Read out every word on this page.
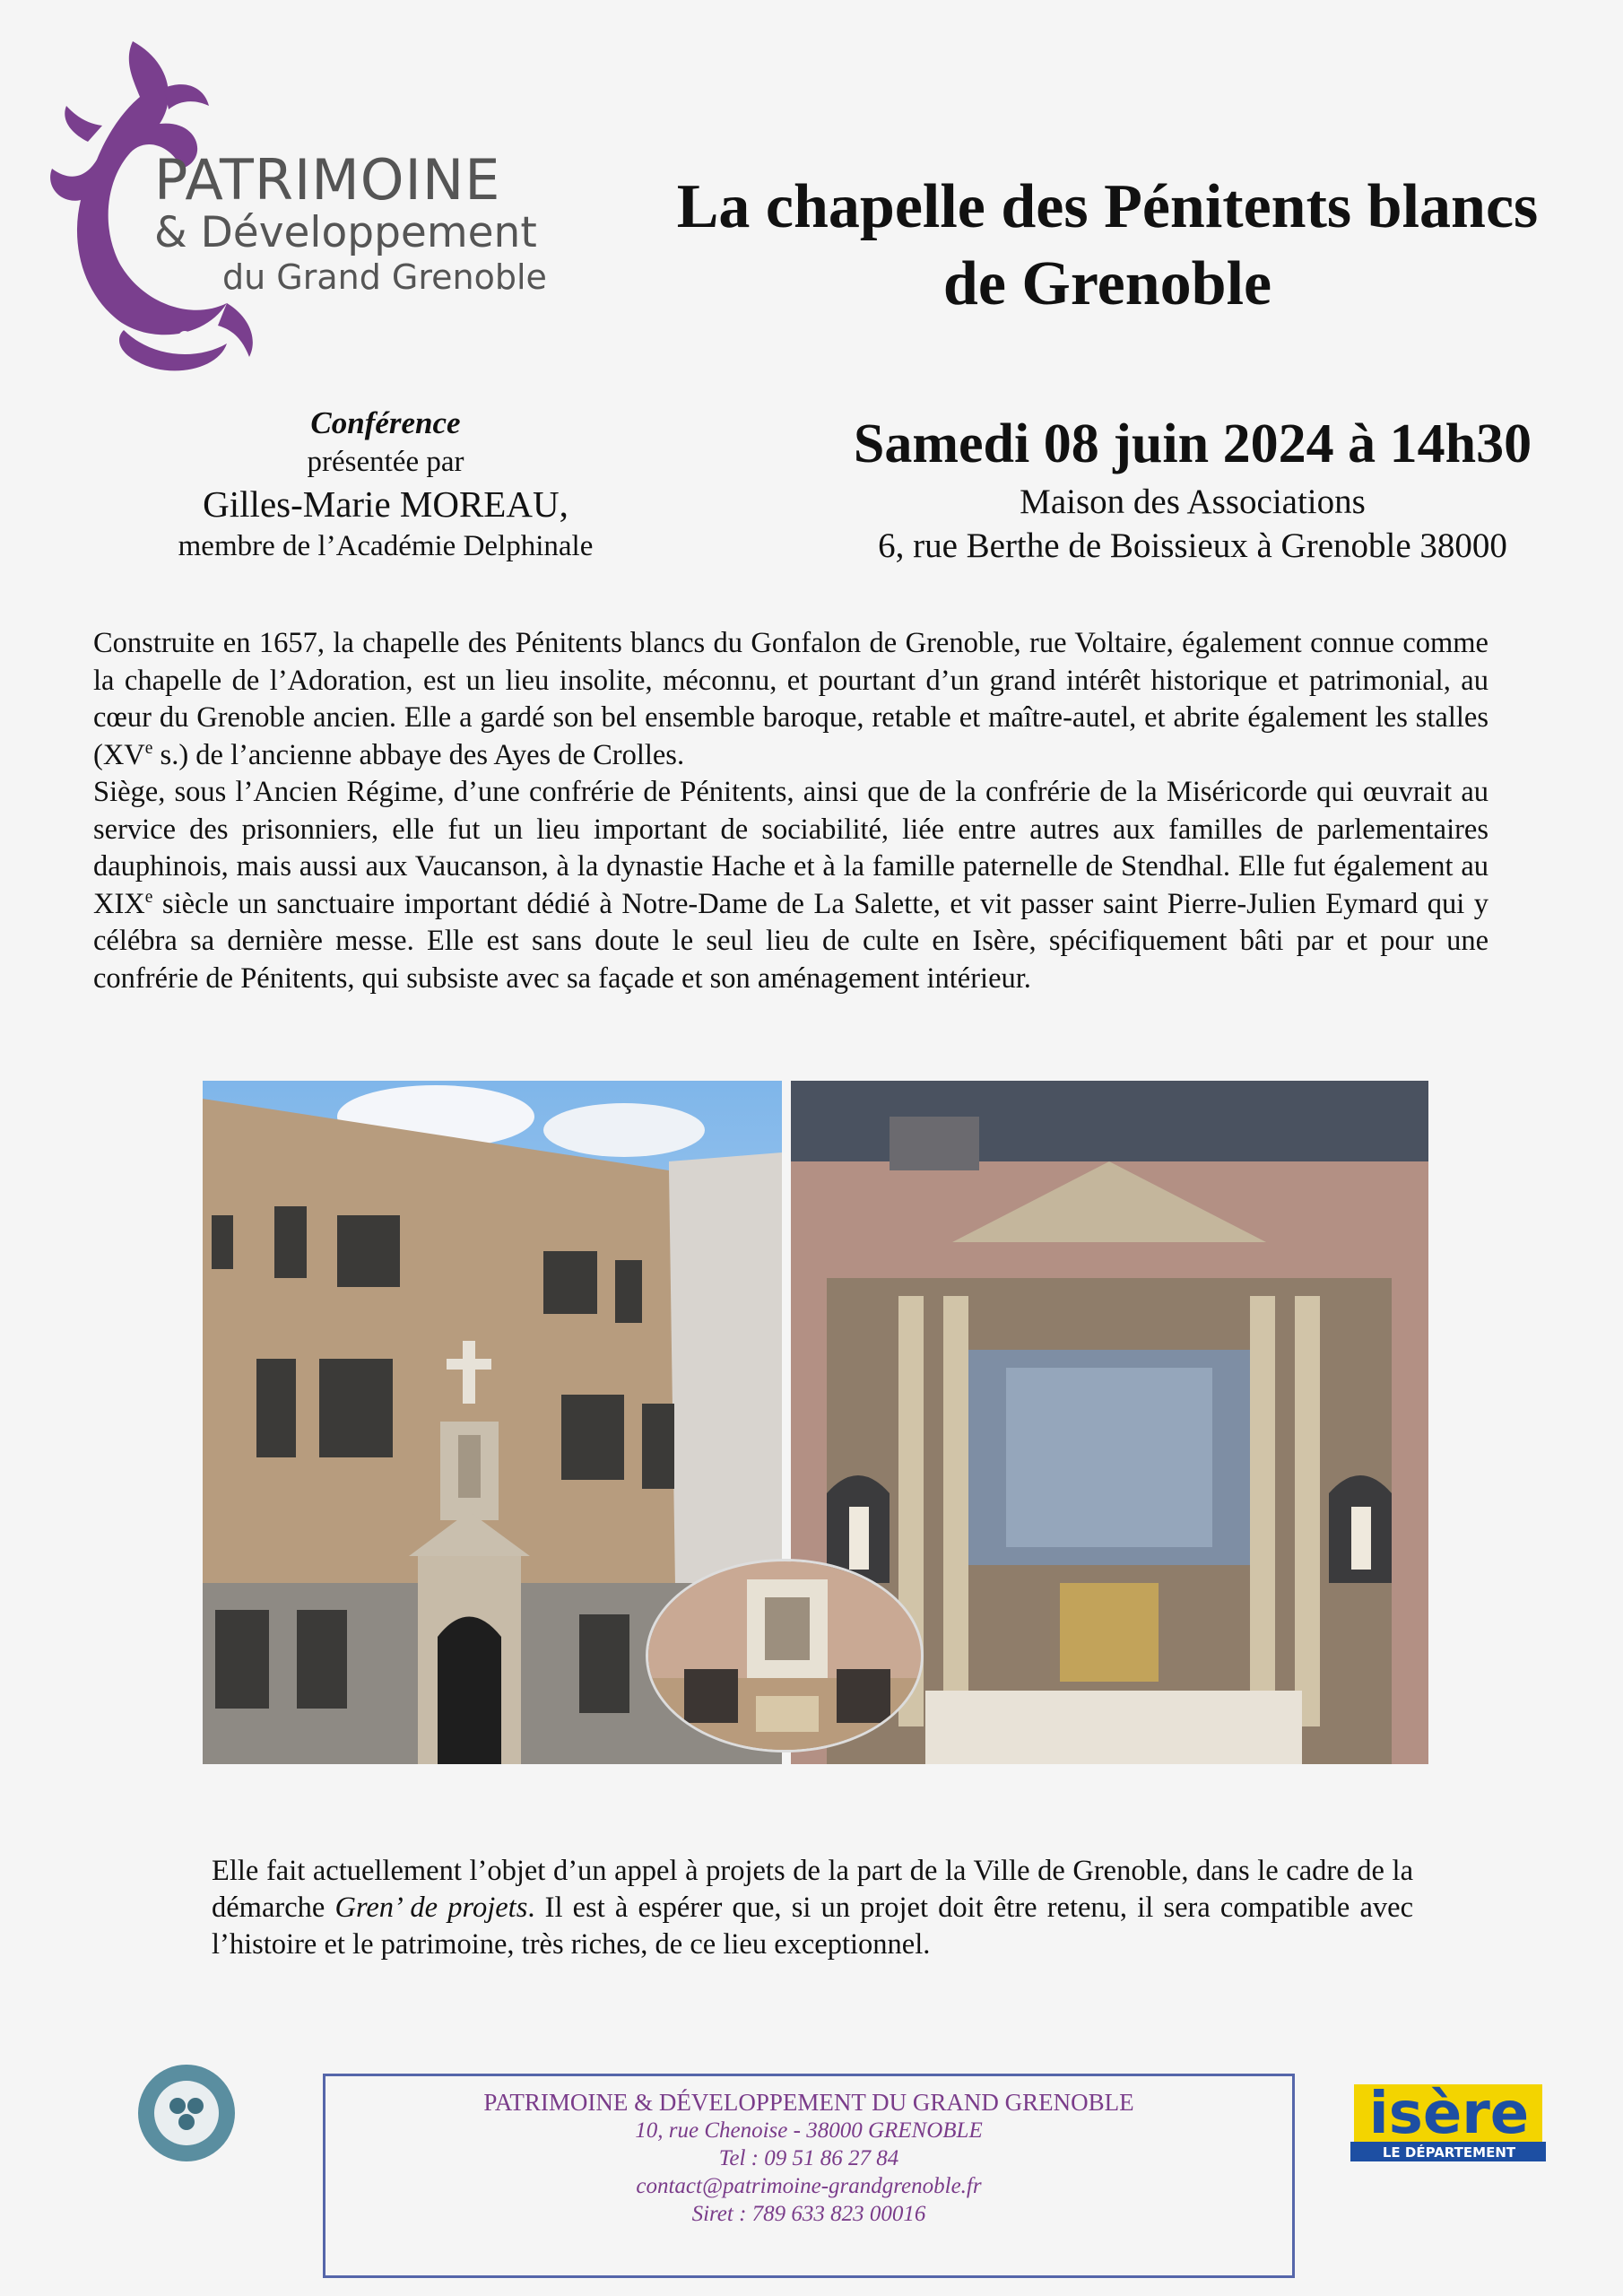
PATRIMOINE
& Développement
du Grand Grenoble
La chapelle des Pénitents blancs
de Grenoble
Conférence
présentée par
Gilles-Marie MOREAU,
membre de l’Académie Delphinale
Samedi 08 juin 2024 à 14h30
Maison des Associations
6, rue Berthe de Boissieux à Grenoble 38000

Construite en 1657, la chapelle des Pénitents blancs du Gonfalon de Grenoble, rue Voltaire, également connue comme la chapelle de l’Adoration, est un lieu insolite, méconnu, et pourtant d’un grand intérêt historique et patrimonial, au cœur du Grenoble ancien. Elle a gardé son bel ensemble baroque, retable et maître-autel, et abrite également les stalles (XVe s.) de l’ancienne abbaye des Ayes de Crolles.

Siège, sous l’Ancien Régime, d’une confrérie de Pénitents, ainsi que de la confrérie de la Miséricorde qui œuvrait au service des prisonniers, elle fut un lieu important de sociabilité, liée entre autres aux familles de parlementaires dauphinois, mais aussi aux Vaucanson, à la dynastie Hache et à la famille paternelle de Stendhal. Elle fut également au XIXe siècle un sanctuaire important dédié à Notre-Dame de La Salette, et vit passer saint Pierre-Julien Eymard qui y célébra sa dernière messe. Elle est sans doute le seul lieu de culte en Isère, spécifiquement bâti par et pour une confrérie de Pénitents, qui subsiste avec sa façade et son aménagement intérieur.

Elle fait actuellement l’objet d’un appel à projets de la part de la Ville de Grenoble, dans le cadre de la démarche Gren’ de projets. Il est à espérer que, si un projet doit être retenu, il sera compatible avec l’histoire et le patrimoine, très riches, de ce lieu exceptionnel.
PATRIMOINE & DÉVELOPPEMENT DU GRAND GRENOBLE
10, rue Chenoise - 38000 GRENOBLE
Tel : 09 51 86 27 84
contact@patrimoine-grandgrenoble.fr
Siret : 789 633 823 00016
isère
LE DÉPARTEMENT
